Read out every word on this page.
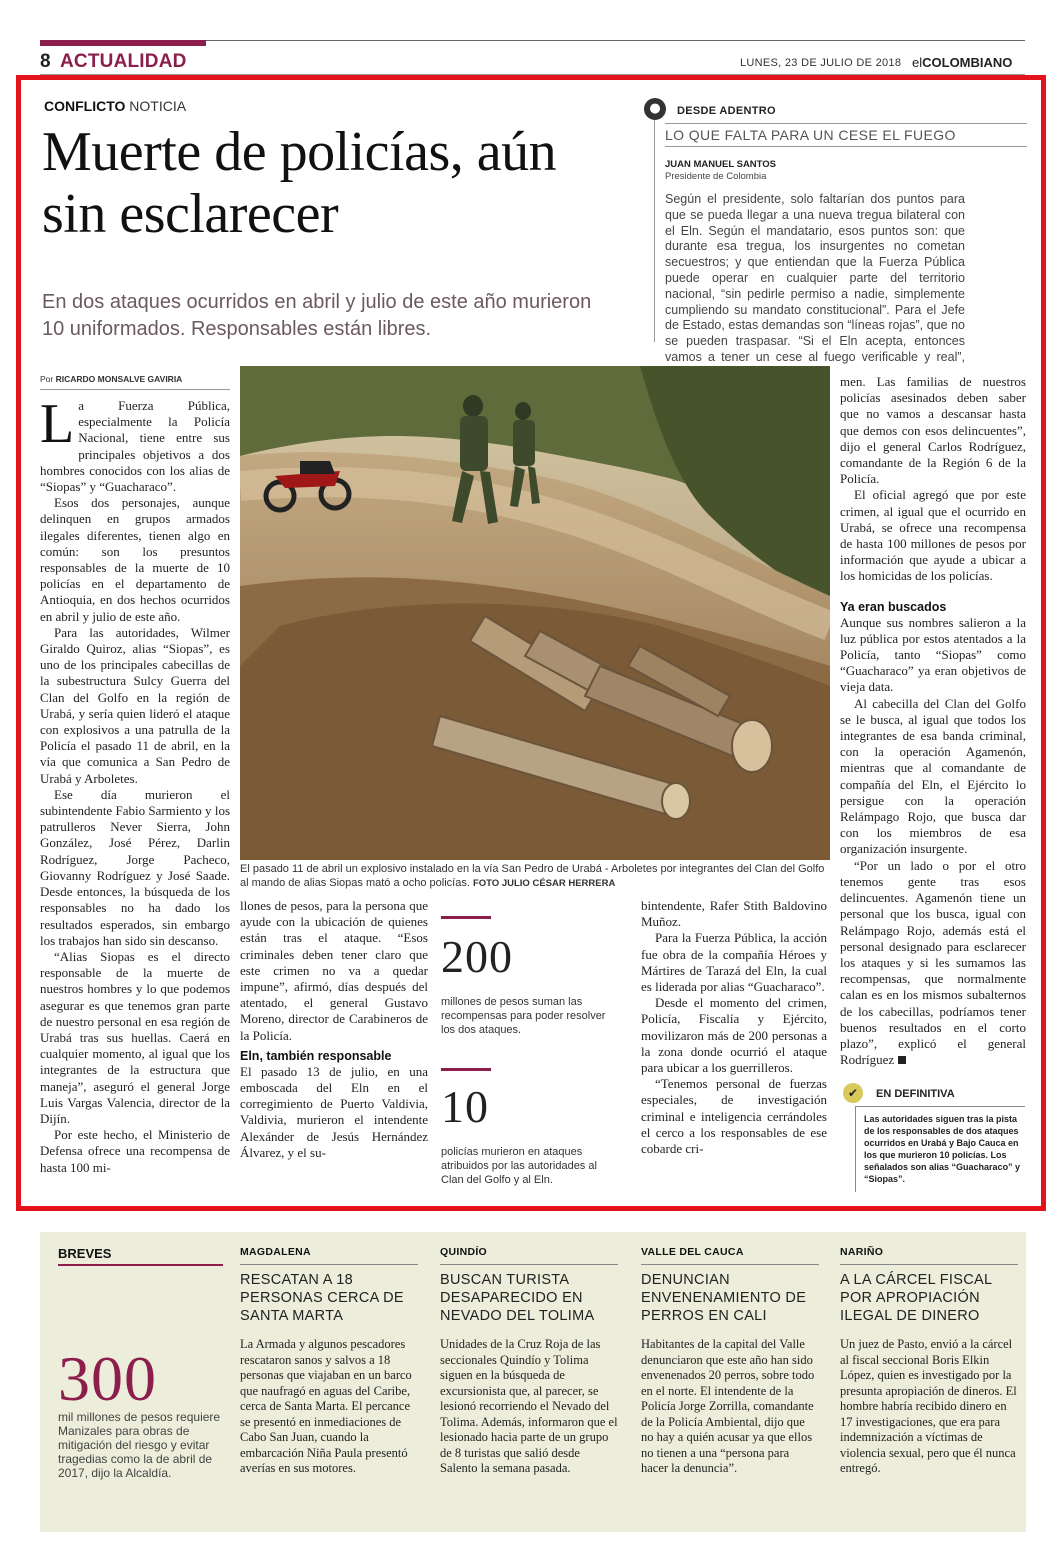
8 ACTUALIDAD	LUNES, 23 DE JULIO DE 2018 elCOLOMBIANO
CONFLICTO NOTICIA
Muerte de policías, aún sin esclarecer
En dos ataques ocurridos en abril y julio de este año murieron 10 uniformados. Responsables están libres.
●	DESDE ADENTRO
LO QUE FALTA PARA UN CESE EL FUEGO
JUAN MANUEL SANTOS
Presidente de Colombia
Según el presidente, solo faltarían dos puntos para que se pueda llegar a una nueva tregua bilateral con el Eln. Según el mandatario, esos puntos son: que durante esa tregua, los insurgentes no cometan secuestros; y que entiendan que la Fuerza Pública puede operar en cualquier parte del territorio nacional, “sin pedirle permiso a nadie, simplemente cumpliendo su mandato constitucional”. Para el Jefe de Estado, estas demandas son “líneas rojas”, que no se pueden traspasar. “Si el Eln acepta, entonces vamos a tener un cese al fuego verificable y real”,
Por RICARDO MONSALVE GAVIRIA

La Fuerza Pública, especialmente la Policía Nacional, tiene entre sus principales objetivos a dos hombres conocidos con los alias de “Siopas” y “Guacharaco”.

Esos dos personajes, aunque delinquen en grupos armados ilegales diferentes, tienen algo en común: son los presuntos responsables de la muerte de 10 policías en el departamento de Antioquia, en dos hechos ocurridos en abril y julio de este año.

Para las autoridades, Wilmer Giraldo Quiroz, alias “Siopas”, es uno de los principales cabecillas de la subestructura Sulcy Guerra del Clan del Golfo en la región de Urabá, y sería quien lideró el ataque con explosivos a una patrulla de la Policía el pasado 11 de abril, en la vía que comunica a San Pedro de Urabá y Arboletes.

Ese día murieron el subintendente Fabio Sarmiento y los patrulleros Never Sierra, John González, José Pérez, Darlin Rodríguez, Jorge Pacheco, Giovanny Rodríguez y José Saade. Desde entonces, la búsqueda de los responsables no ha dado los resultados esperados, sin embargo los trabajos han sido sin descanso.

“Alias Siopas es el directo responsable de la muerte de nuestros hombres y lo que podemos asegurar es que tenemos gran parte de nuestro personal en esa región de Urabá tras sus huellas. Caerá en cualquier momento, al igual que los integrantes de la estructura que maneja”, aseguró el general Jorge Luis Vargas Valencia, director de la Dijín.

Por este hecho, el Ministerio de Defensa ofrece una recompensa de hasta 100 mi-

El pasado 11 de abril un explosivo instalado en la vía San Pedro de Urabá - Arboletes por integrantes del Clan del Golfo al mando de alias Siopas mató a ocho policías. FOTO JULIO CÉSAR HERRERA

llones de pesos, para la persona que ayude con la ubicación de quienes están tras el ataque. “Esos criminales deben tener claro que este crimen no va a quedar impune”, afirmó, días después del atentado, el general Gustavo Moreno, director de Carabineros de la Policía.

Eln, también responsable

El pasado 13 de julio, en una emboscada del Eln en el corregimiento de Puerto Valdivia, Valdivia, murieron el intendente Alexánder de Jesús Hernández Álvarez, y el su-

200
millones de pesos suman las recompensas para poder resolver los dos ataques.
10
policías murieron en ataques atribuidos por las autoridades al Clan del Golfo y al Eln.

bintendente, Rafer Stith Baldovino Muñoz.

Para la Fuerza Pública, la acción fue obra de la compañía Héroes y Mártires de Tarazá del Eln, la cual es liderada por alias “Guacharaco”.

Desde el momento del crimen, Policía, Fiscalía y Ejército, movilizaron más de 200 personas a la zona donde ocurrió el ataque para ubicar a los guerrilleros.

“Tenemos personal de fuerzas especiales, de investigación criminal e inteligencia cerrándoles el cerco a los responsables de ese cobarde cri-

men. Las familias de nuestros policías asesinados deben saber que no vamos a descansar hasta que demos con esos delincuentes”, dijo el general Carlos Rodríguez, comandante de la Región 6 de la Policía.

El oficial agregó que por este crimen, al igual que el ocurrido en Urabá, se ofrece una recompensa de hasta 100 millones de pesos por información que ayude a ubicar a los homicidas de los policías.

Ya eran buscados

Aunque sus nombres salieron a la luz pública por estos atentados a la Policía, tanto “Siopas” como “Guacharaco” ya eran objetivos de vieja data.

Al cabecilla del Clan del Golfo se le busca, al igual que todos los integrantes de esa banda criminal, con la operación Agamenón, mientras que al comandante de compañía del Eln, el Ejército lo persigue con la operación Relámpago Rojo, que busca dar con los miembros de esa organización insurgente.

“Por un lado o por el otro tenemos gente tras esos delincuentes. Agamenón tiene un personal que los busca, igual con Relámpago Rojo, además está el personal designado para esclarecer los ataques y si les sumamos las recompensas, que normalmente calan es en los mismos subalternos de los cabecillas, podríamos tener buenos resultados en el corto plazo”, explicó el general Rodríguez

✔	EN DEFINITIVA
Las autoridades siguen tras la pista de los responsables de dos ataques ocurridos en Urabá y Bajo Cauca en los que murieron 10 policías. Los señalados son alias “Guacharaco” y “Siopas”.
BREVES
300
mil millones de pesos requiere Manizales para obras de mitigación del riesgo y evitar tragedias como la de abril de 2017, dijo la Alcaldía.
MAGDALENA
RESCATAN A 18 PERSONAS CERCA DE SANTA MARTA
La Armada y algunos pescadores rescataron sanos y salvos a 18 personas que viajaban en un barco que naufragó en aguas del Caribe, cerca de Santa Marta. El percance se presentó en inmediaciones de Cabo San Juan, cuando la embarcación Niña Paula presentó averías en sus motores.
QUINDÍO
BUSCAN TURISTA DESAPARECIDO EN NEVADO DEL TOLIMA
Unidades de la Cruz Roja de las seccionales Quindío y Tolima siguen en la búsqueda de excursionista que, al parecer, se lesionó recorriendo el Nevado del Tolima. Además, informaron que el lesionado hacia parte de un grupo de 8 turistas que salió desde Salento la semana pasada.
VALLE DEL CAUCA
DENUNCIAN ENVENENAMIENTO DE PERROS EN CALI
Habitantes de la capital del Valle denunciaron que este año han sido envenenados 20 perros, sobre todo en el norte. El intendente de la Policía Jorge Zorrilla, comandante de la Policía Ambiental, dijo que no hay a quién acusar ya que ellos no tienen a una “persona para hacer la denuncia”.
NARIÑO
A LA CÁRCEL FISCAL POR APROPIACIÓN ILEGAL DE DINERO
Un juez de Pasto, envió a la cárcel al fiscal seccional Boris Elkin López, quien es investigado por la presunta apropiación de dineros. El hombre habría recibido dinero en 17 investigaciones, que era para indemnización a víctimas de violencia sexual, pero que él nunca entregó.
